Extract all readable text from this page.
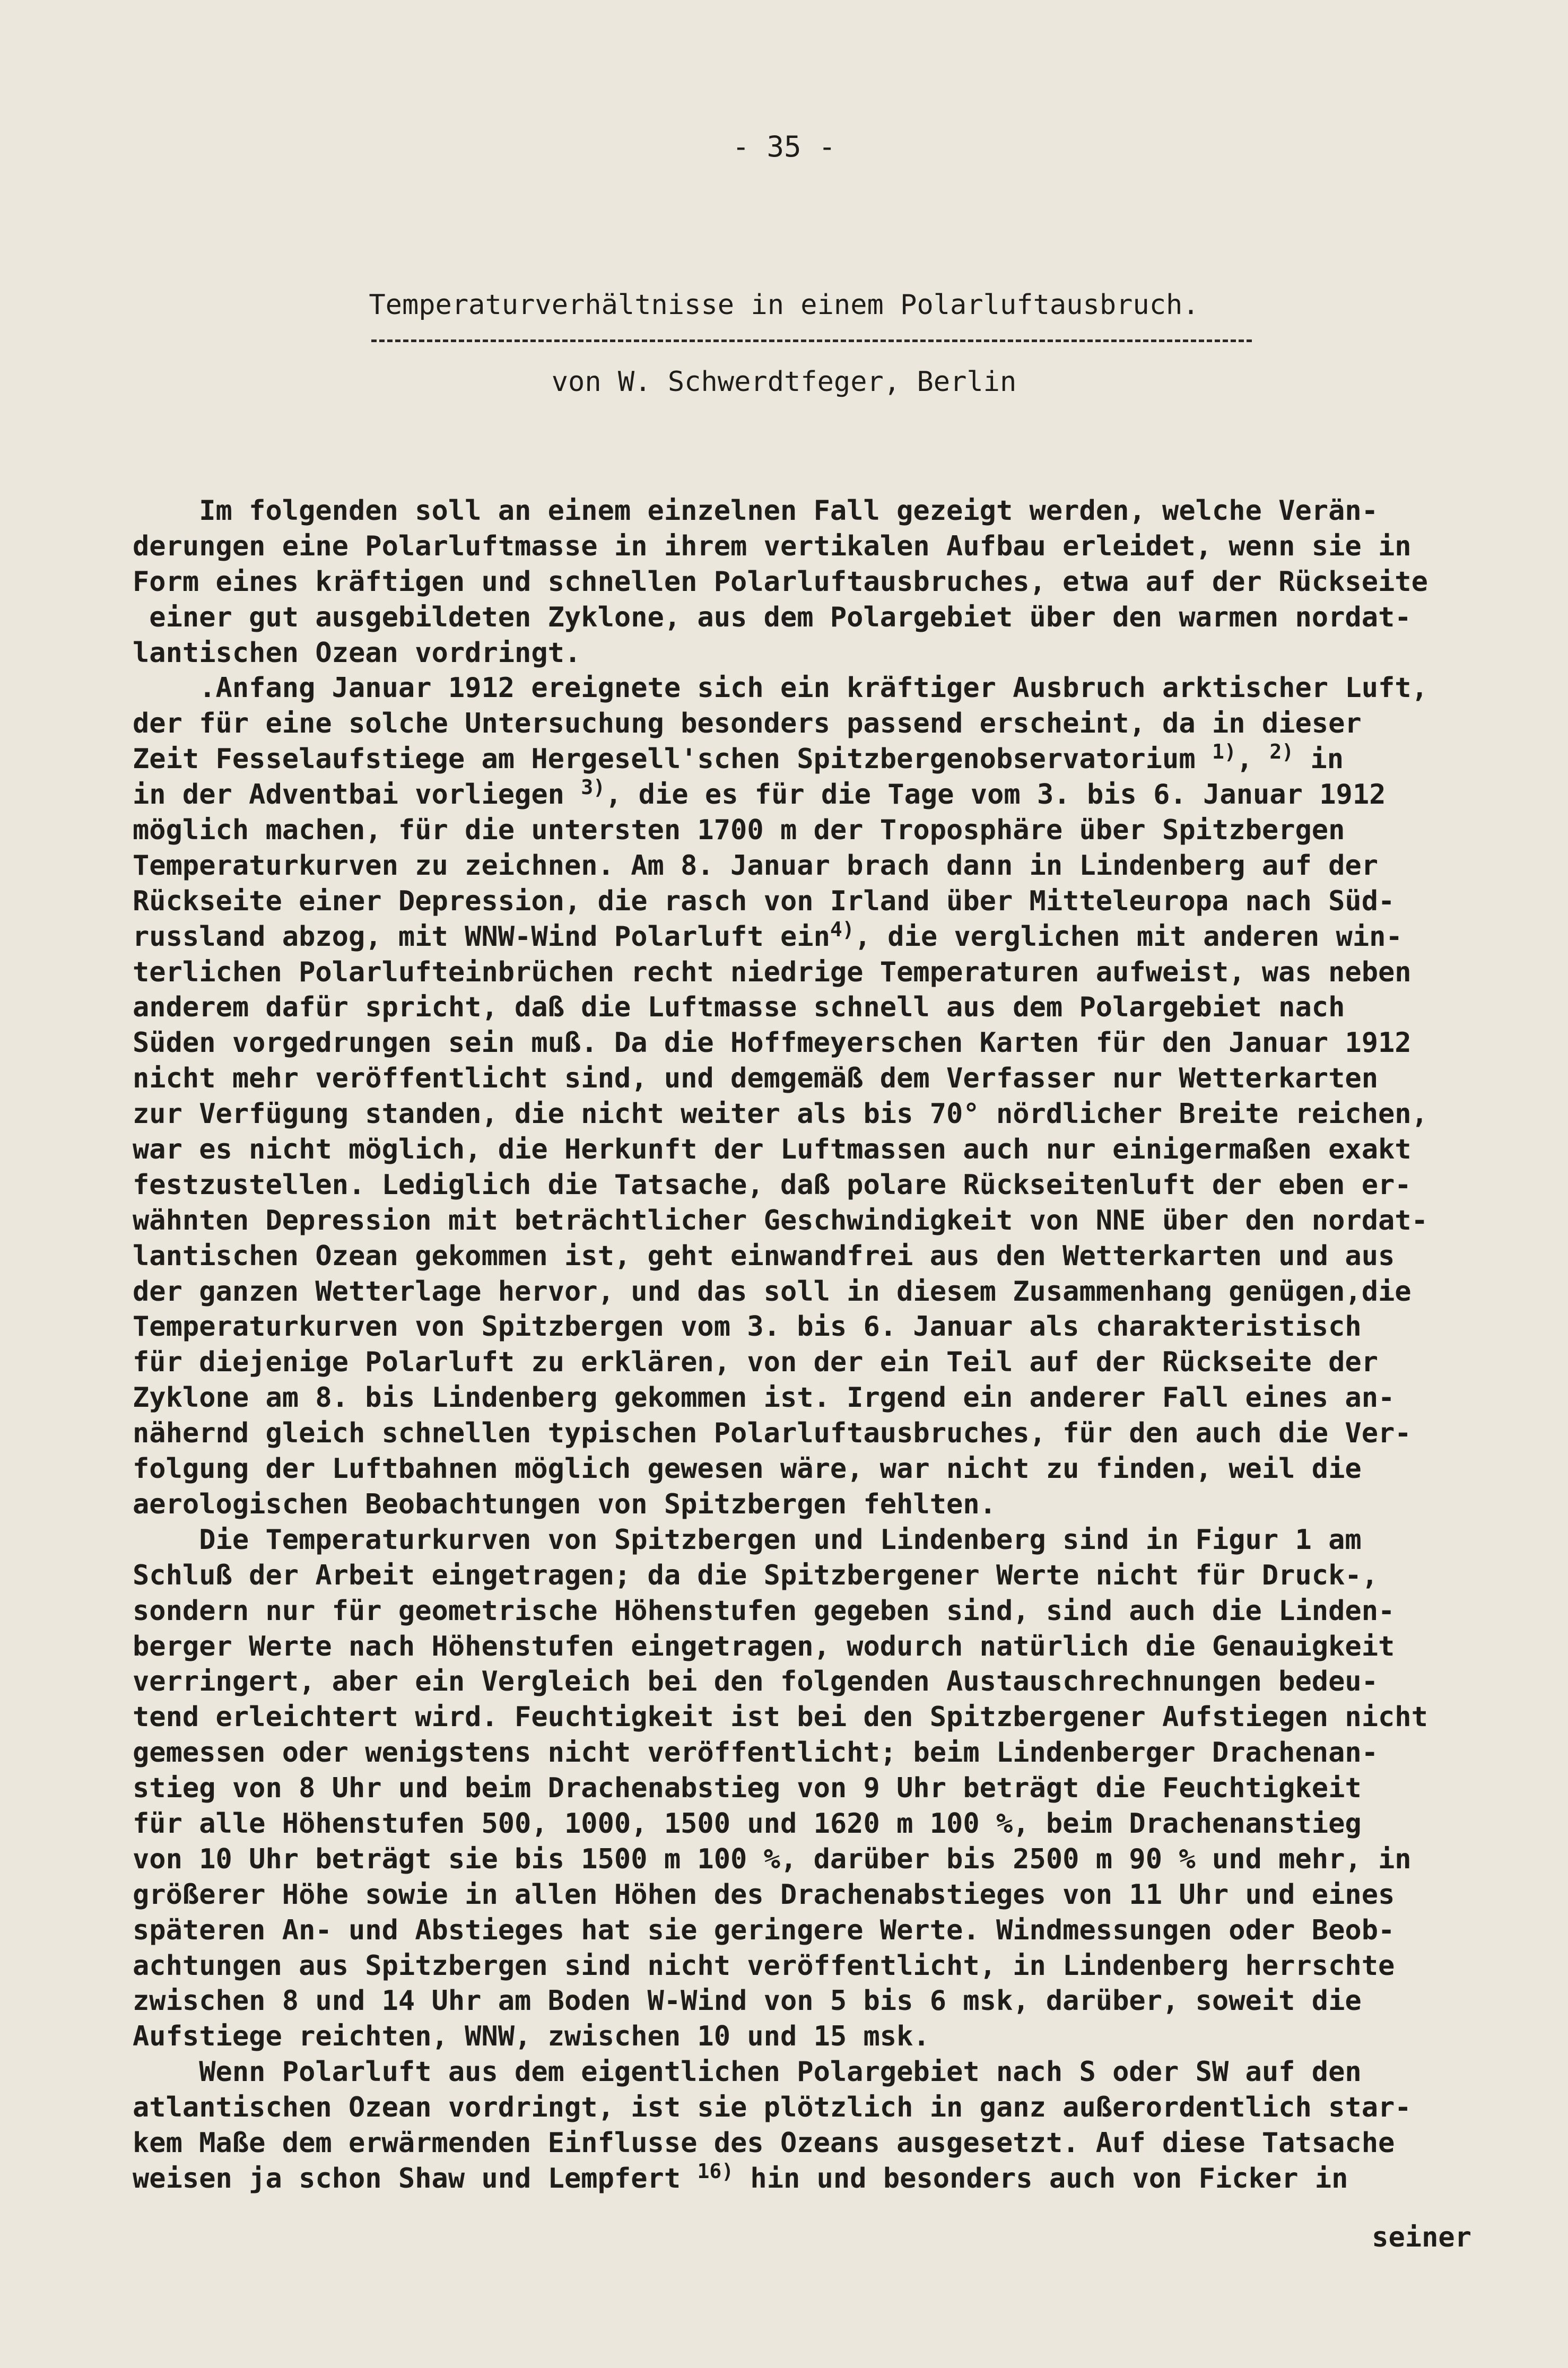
- 35 -
Temperaturverhältnisse in einem Polarluftausbruch.
von W. Schwerdtfeger, Berlin
Im folgenden soll an einem einzelnen Fall gezeigt werden, welche Verän-
derungen eine Polarluftmasse in ihrem vertikalen Aufbau erleidet, wenn sie in
Form eines kräftigen und schnellen Polarluftausbruches, etwa auf der Rückseite
einer gut ausgebildeten Zyklone, aus dem Polargebiet über den warmen nordat-
lantischen Ozean vordringt.
.Anfang Januar 1912 ereignete sich ein kräftiger Ausbruch arktischer Luft,
der für eine solche Untersuchung besonders passend erscheint, da in dieser
Zeit Fesselaufstiege am Hergesell'schen Spitzbergenobservatorium $^{1)}$, $^{2)}$ in
in der Adventbai vorliegen $^{3)}$, die es für die Tage vom 3. bis 6. Januar 1912
möglich machen, für die untersten 1700 m der Troposphäre über Spitzbergen
Temperaturkurven zu zeichnen. Am 8. Januar brach dann in Lindenberg auf der
Rückseite einer Depression, die rasch von Irland über Mitteleuropa nach Süd-
russland abzog, mit WNW-Wind Polarluft ein$^{4)}$, die verglichen mit anderen win-
terlichen Polarlufteinbrüchen recht niedrige Temperaturen aufweist, was neben
anderem dafür spricht, daß die Luftmasse schnell aus dem Polargebiet nach
Süden vorgedrungen sein muß. Da die Hoffmeyerschen Karten für den Januar 1912
nicht mehr veröffentlicht sind, und demgemäß dem Verfasser nur Wetterkarten
zur Verfügung standen, die nicht weiter als bis 70° nördlicher Breite reichen,
war es nicht möglich, die Herkunft der Luftmassen auch nur einigermaßen exakt
festzustellen. Lediglich die Tatsache, daß polare Rückseitenluft der eben er-
wähnten Depression mit beträchtlicher Geschwindigkeit von NNE über den nordat-
lantischen Ozean gekommen ist, geht einwandfrei aus den Wetterkarten und aus
der ganzen Wetterlage hervor, und das soll in diesem Zusammenhang genügen,die
Temperaturkurven von Spitzbergen vom 3. bis 6. Januar als charakteristisch
für diejenige Polarluft zu erklären, von der ein Teil auf der Rückseite der
Zyklone am 8. bis Lindenberg gekommen ist. Irgend ein anderer Fall eines an-
nähernd gleich schnellen typischen Polarluftausbruches, für den auch die Ver-
folgung der Luftbahnen möglich gewesen wäre, war nicht zu finden, weil die
aerologischen Beobachtungen von Spitzbergen fehlten.
Die Temperaturkurven von Spitzbergen und Lindenberg sind in Figur 1 am
Schluß der Arbeit eingetragen; da die Spitzbergener Werte nicht für Druck-,
sondern nur für geometrische Höhenstufen gegeben sind, sind auch die Linden-
berger Werte nach Höhenstufen eingetragen, wodurch natürlich die Genauigkeit
verringert, aber ein Vergleich bei den folgenden Austauschrechnungen bedeu-
tend erleichtert wird. Feuchtigkeit ist bei den Spitzbergener Aufstiegen nicht
gemessen oder wenigstens nicht veröffentlicht; beim Lindenberger Drachenan-
stieg von 8 Uhr und beim Drachenabstieg von 9 Uhr beträgt die Feuchtigkeit
für alle Höhenstufen 500, 1000, 1500 und 1620 m 100 %, beim Drachenanstieg
von 10 Uhr beträgt sie bis 1500 m 100 %, darüber bis 2500 m 90 % und mehr, in
größerer Höhe sowie in allen Höhen des Drachenabstieges von 11 Uhr und eines
späteren An- und Abstieges hat sie geringere Werte. Windmessungen oder Beob-
achtungen aus Spitzbergen sind nicht veröffentlicht, in Lindenberg herrschte
zwischen 8 und 14 Uhr am Boden W-Wind von 5 bis 6 msk, darüber, soweit die
Aufstiege reichten, WNW, zwischen 10 und 15 msk.
Wenn Polarluft aus dem eigentlichen Polargebiet nach S oder SW auf den
atlantischen Ozean vordringt, ist sie plötzlich in ganz außerordentlich star-
kem Maße dem erwärmenden Einflusse des Ozeans ausgesetzt. Auf diese Tatsache
weisen ja schon Shaw und Lempfert $^{16)}$ hin und besonders auch von Ficker in
seiner
